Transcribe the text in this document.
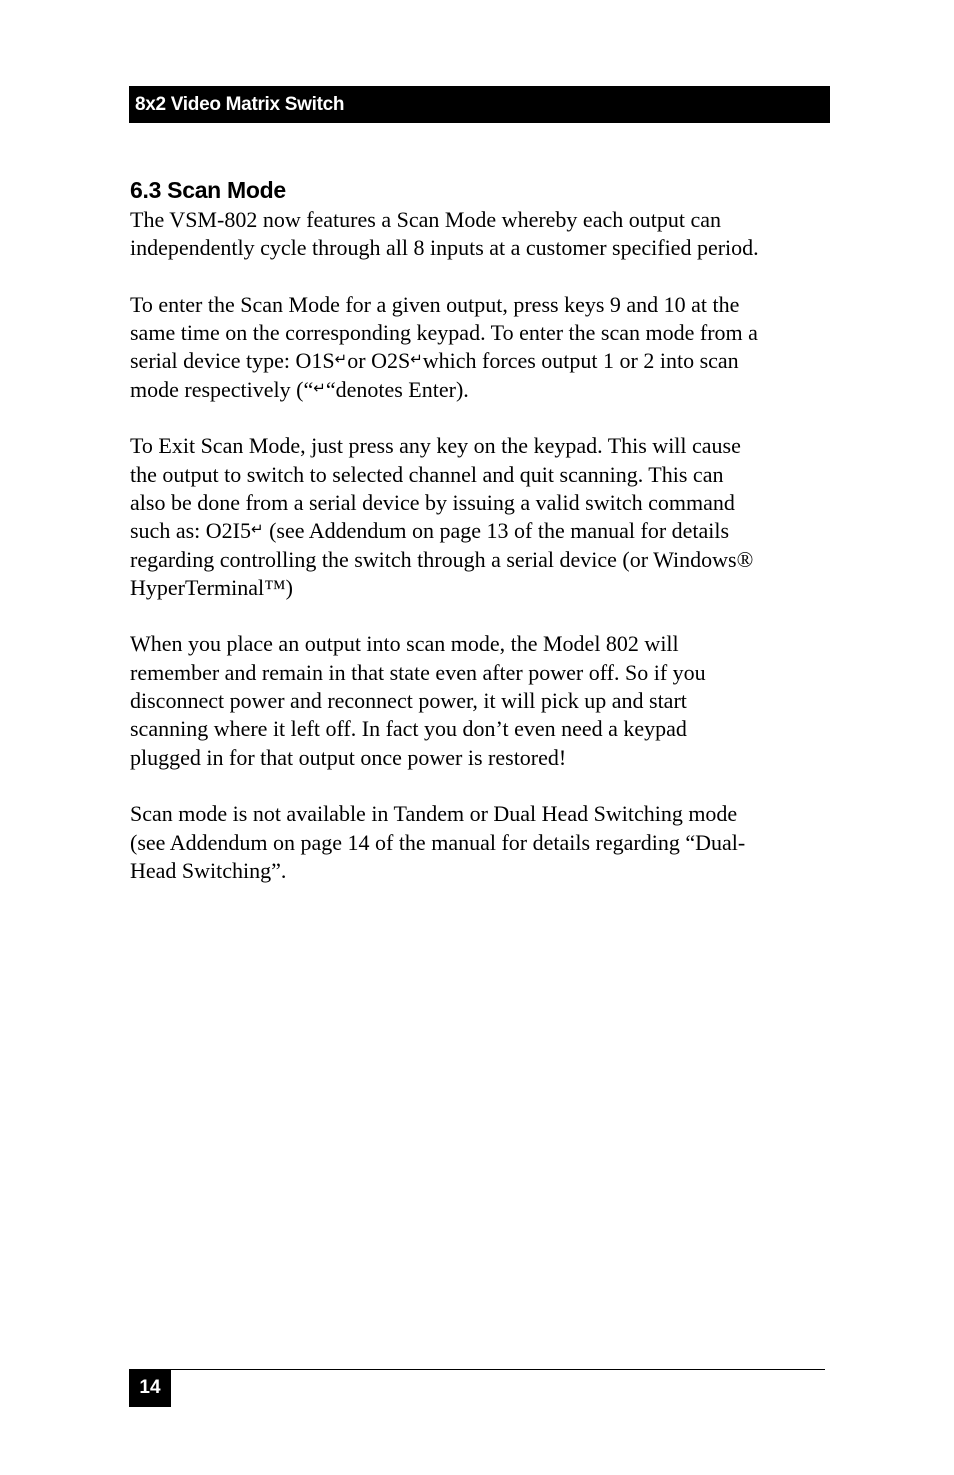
8x2 Video Matrix Switch
6.3 Scan Mode

The VSM-802 now features a Scan Mode whereby each output can
independently cycle through all 8 inputs at a customer specified period.

To enter the Scan Mode for a given output, press keys 9 and 10 at the
same time on the corresponding keypad. To enter the scan mode from a
serial device type: O1S↵or O2S↵which forces output 1 or 2 into scan
mode respectively (“↵“denotes Enter).

To Exit Scan Mode, just press any key on the keypad. This will cause
the output to switch to selected channel and quit scanning. This can
also be done from a serial device by issuing a valid switch command
such as: O2I5↵ (see Addendum on page 13 of the manual for details
regarding controlling the switch through a serial device (or Windows®
HyperTerminal™)

When you place an output into scan mode, the Model 802 will
remember and remain in that state even after power off. So if you
disconnect power and reconnect power, it will pick up and start
scanning where it left off. In fact you don’t even need a keypad
plugged in for that output once power is restored!

Scan mode is not available in Tandem or Dual Head Switching mode
(see Addendum on page 14 of the manual for details regarding “Dual-
Head Switching”.

14
